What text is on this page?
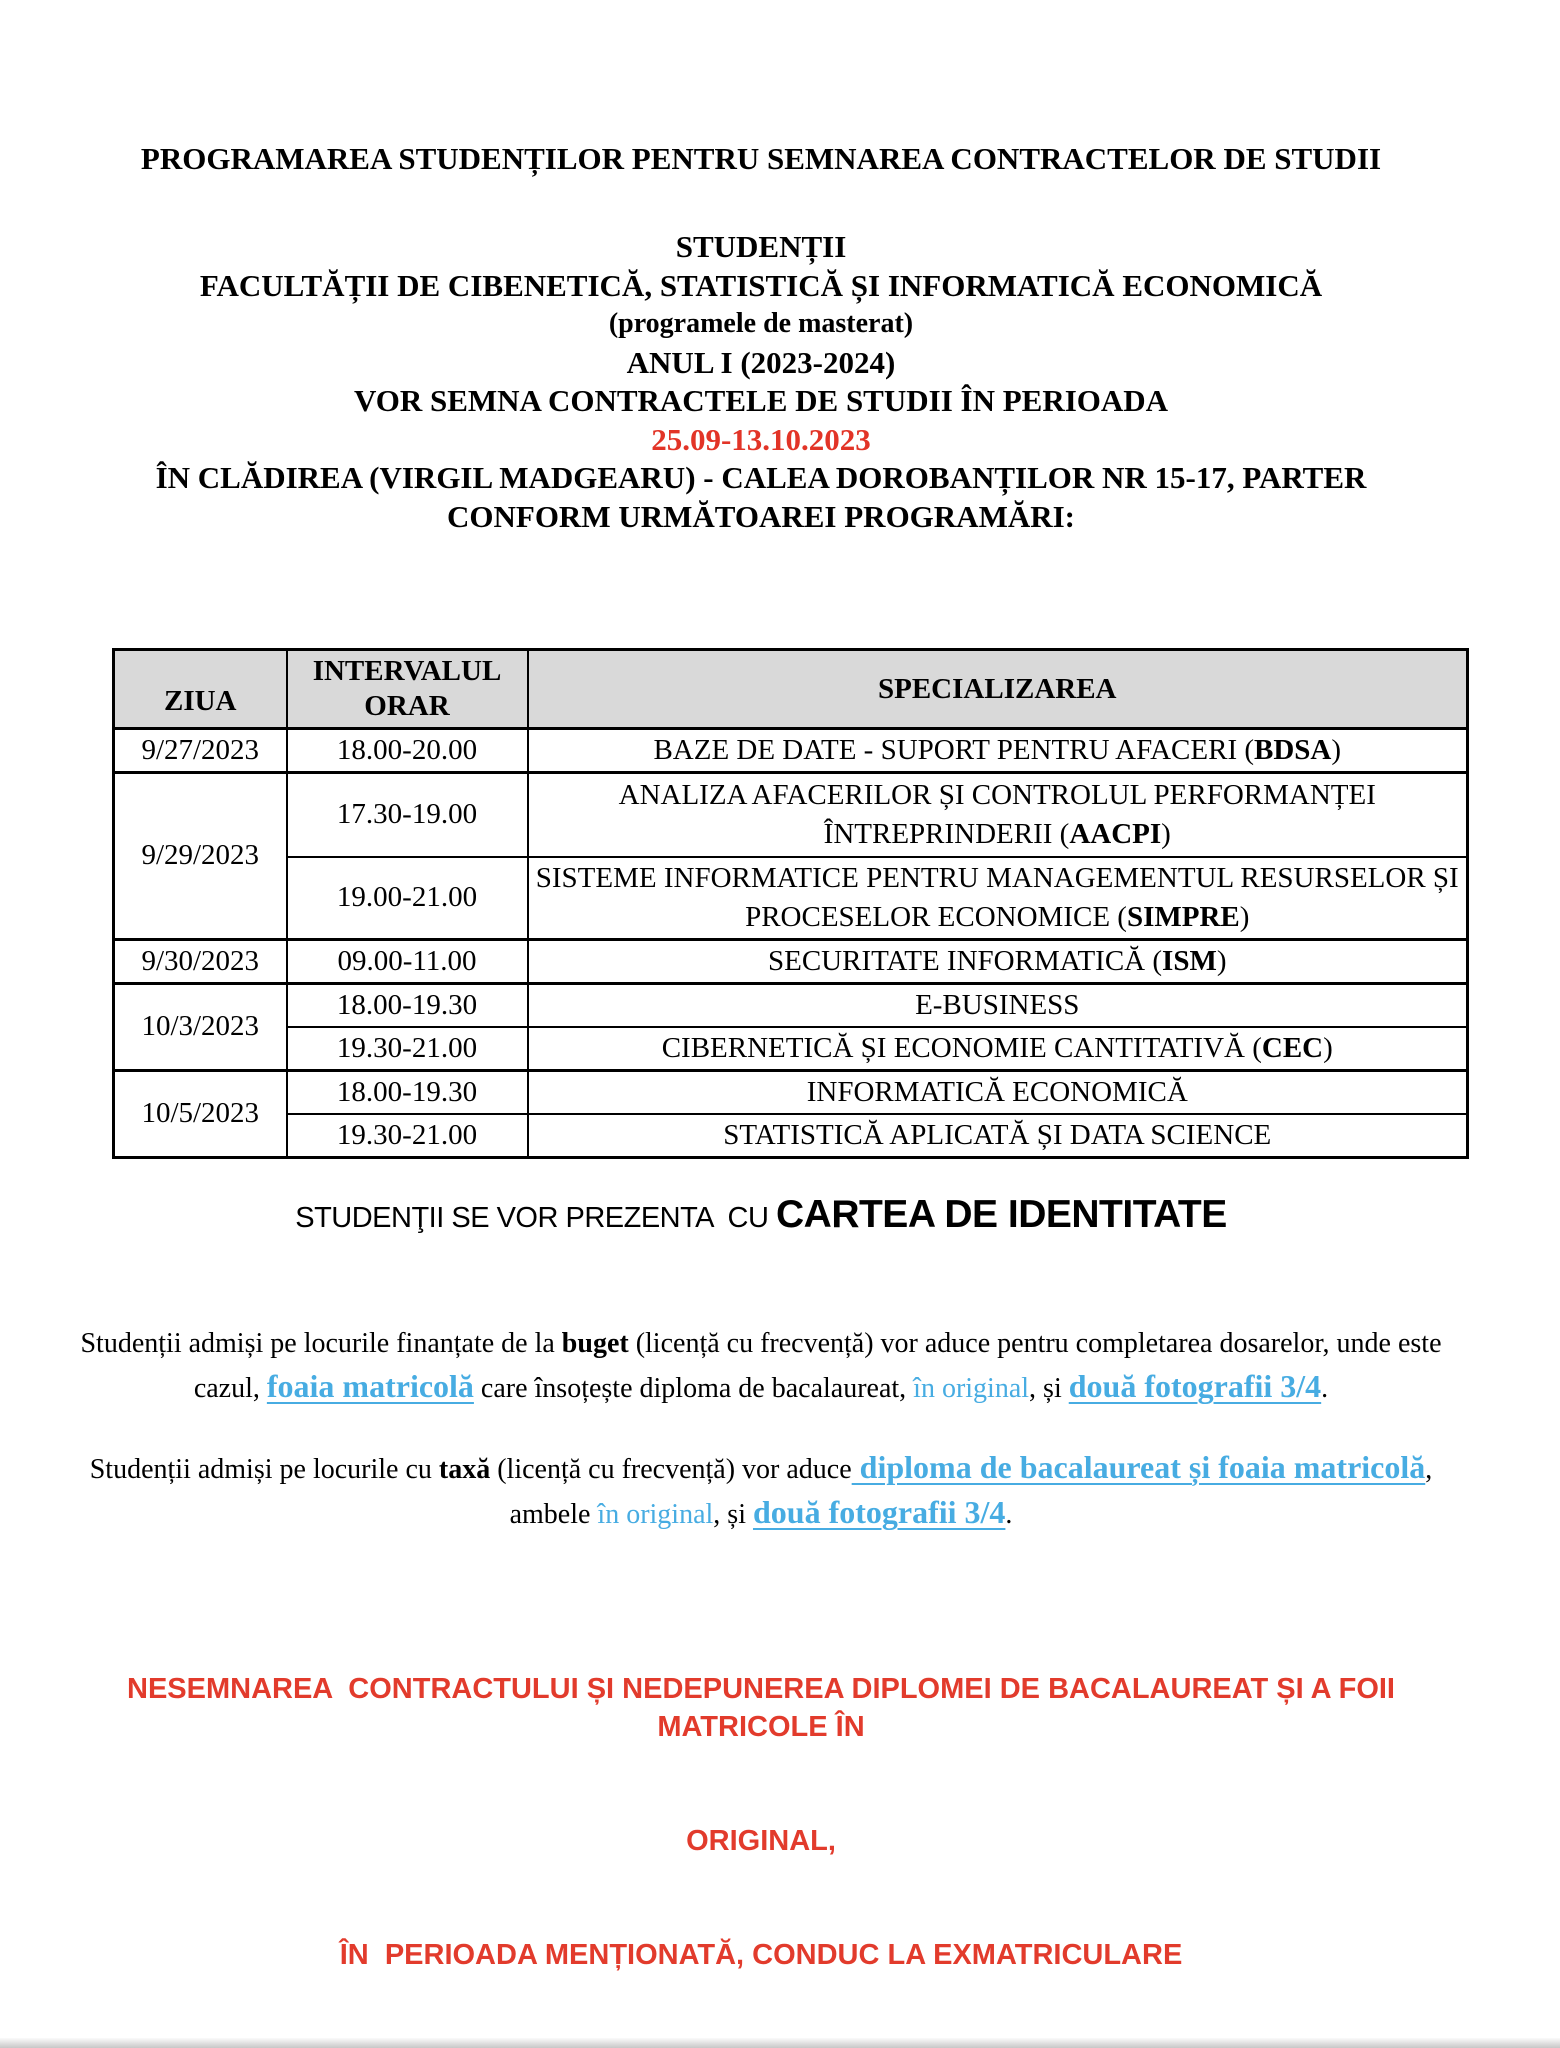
PROGRAMAREA STUDENȚILOR PENTRU SEMNAREA CONTRACTELOR DE STUDII
STUDENȚII
FACULTĂȚII DE CIBENETICĂ, STATISTICĂ ȘI INFORMATICĂ ECONOMICĂ
(programele de masterat)
ANUL I (2023-2024)
VOR SEMNA CONTRACTELE DE STUDII ÎN PERIOADA
25.09-13.10.2023
ÎN CLĂDIREA (VIRGIL MADGEARU) - CALEA DOROBANȚILOR NR 15-17, PARTER
CONFORM URMĂTOAREI PROGRAMĂRI:
ZIUA	INTERVALUL ORAR	SPECIALIZAREA
9/27/2023	18.00-20.00	BAZE DE DATE - SUPORT PENTRU AFACERI (BDSA)
9/29/2023	17.30-19.00	ANALIZA AFACERILOR ȘI CONTROLUL PERFORMANȚEI ÎNTREPRINDERII (AACPI)
	19.00-21.00	SISTEME INFORMATICE PENTRU MANAGEMENTUL RESURSELOR ȘI PROCESELOR ECONOMICE (SIMPRE)
9/30/2023	09.00-11.00	SECURITATE INFORMATICĂ (ISM)
10/3/2023	18.00-19.30	E-BUSINESS
	19.30-21.00	CIBERNETICĂ ȘI ECONOMIE CANTITATIVĂ (CEC)
10/5/2023	18.00-19.30	INFORMATICĂ ECONOMICĂ
	19.30-21.00	STATISTICĂ APLICATĂ ȘI DATA SCIENCE
STUDENŢII SE VOR PREZENTA  CU CARTEA DE IDENTITATE

Studenții admiși pe locurile finanțate de la buget (licență cu frecvență) vor aduce pentru completarea dosarelor, unde este cazul, foaia matricolă care însoțește diploma de bacalaureat, în original, și două fotografii 3/4.

Studenții admiși pe locurile cu taxă (licență cu frecvență) vor aduce diploma de bacalaureat și foaia matricolă, ambele în original, și două fotografii 3/4.

NESEMNAREA  CONTRACTULUI ȘI NEDEPUNEREA DIPLOMEI DE BACALAUREAT ȘI A FOII MATRICOLE ÎN

ORIGINAL,

ÎN  PERIOADA MENȚIONATĂ, CONDUC LA EXMATRICULARE
